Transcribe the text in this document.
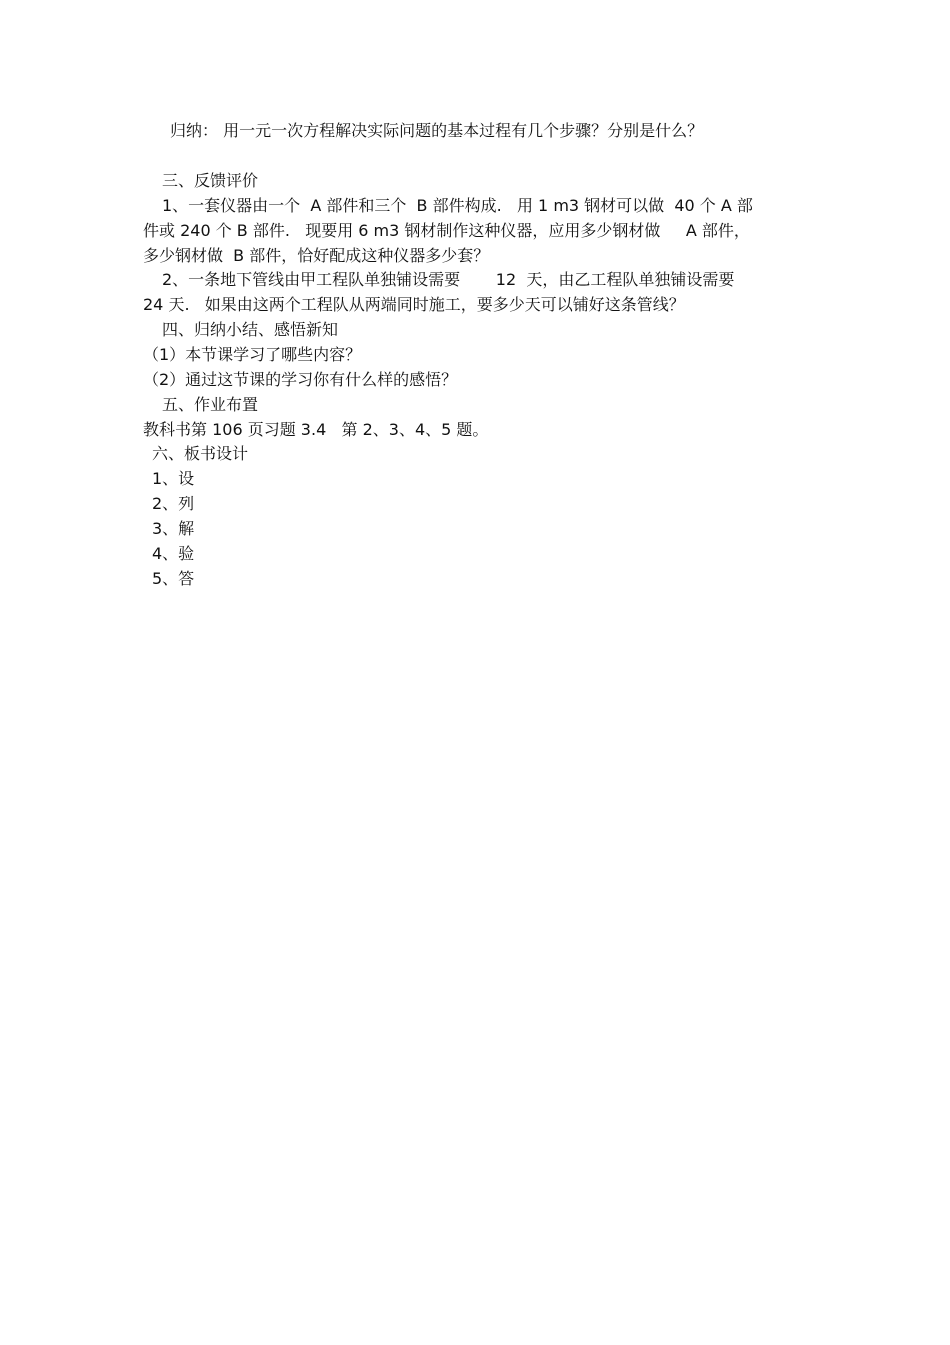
归纳： 用一元一次方程解决实际问题的基本过程有几个步骤？分别是什么？
三、反馈评价
1、一套仪器由一个  A 部件和三个  B 部件构成.   用 1 m3 钢材可以做  40 个 A 部
件或 240 个 B 部件.   现要用 6 m3 钢材制作这种仪器，应用多少钢材做     A 部件，
多少钢材做  B 部件，恰好配成这种仪器多少套？
2、一条地下管线由甲工程队单独铺设需要       12  天，由乙工程队单独铺设需要
24 天.   如果由这两个工程队从两端同时施工，要多少天可以铺好这条管线？
四、归纳小结、感悟新知
（1）本节课学习了哪些内容？
（2）通过这节课的学习你有什么样的感悟？
五、作业布置
教科书第 106 页习题 3.4   第 2、3、4、5 题。
六、板书设计
1、设
2、列
3、解
4、验
5、答
